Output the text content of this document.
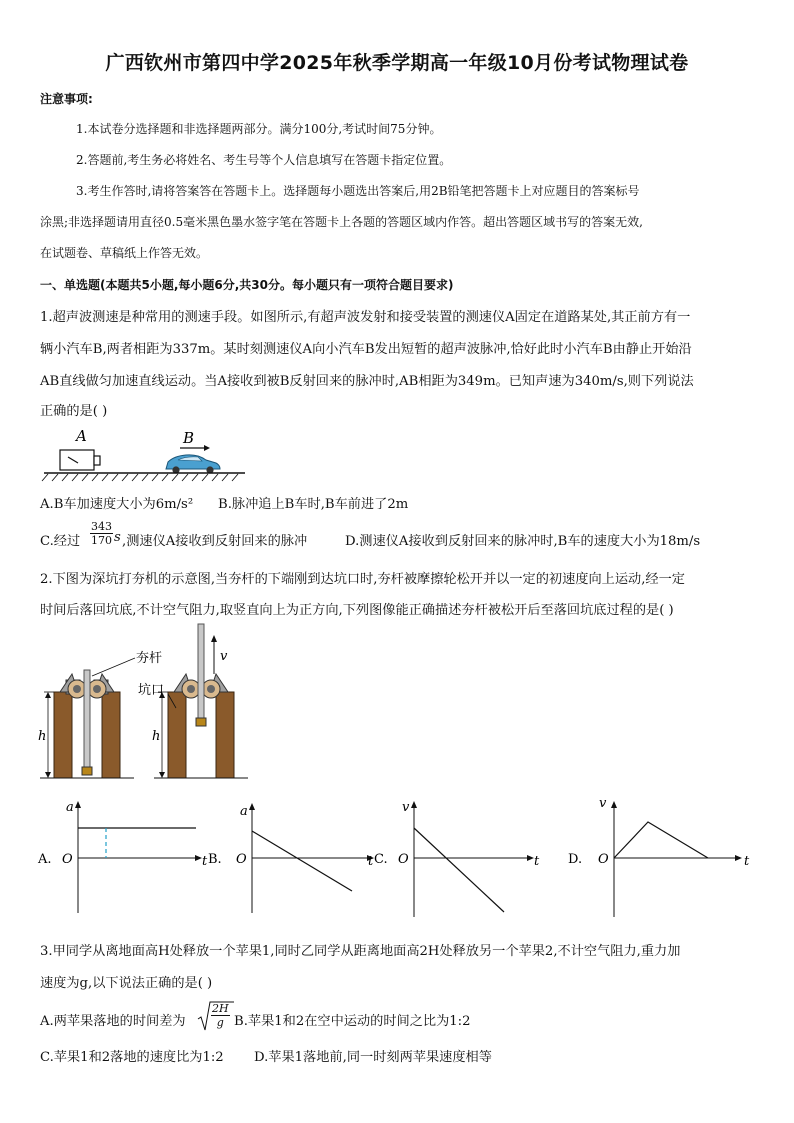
广西钦州市第四中学2025年秋季学期高一年级10月份考试物理试卷
注意事项:
1.本试卷分选择题和非选择题两部分。满分100分,考试时间75分钟。
2.答题前,考生务必将姓名、考生号等个人信息填写在答题卡指定位置。
3.考生作答时,请将答案答在答题卡上。选择题每小题选出答案后,用2B铅笔把答题卡上对应题目的答案标号
涂黑;非选择题请用直径0.5毫米黑色墨水签字笔在答题卡上各题的答题区域内作答。超出答题区域书写的答案无效,
在试题卷、草稿纸上作答无效。
一、单选题(本题共5小题,每小题6分,共30分。每小题只有一项符合题目要求)
1.超声波测速是种常用的测速手段。如图所示,有超声波发射和接受装置的测速仪A固定在道路某处,其正前方有一
辆小汽车B,两者相距为337m。某时刻测速仪A向小汽车B发出短暂的超声波脉冲,恰好此时小汽车B由静止开始沿
AB直线做匀加速直线运动。当A接收到被B反射回来的脉冲时,AB相距为349m。已知声速为340m/s,则下列说法
正确的是( )
A	B
A.B车加速度大小为6m/s² B.脉冲追上B车时,B车前进了2m
C.经过 $\frac{343}{170}$ s ,测速仪A接收到反射回来的脉冲	D.测速仪A接收到反射回来的脉冲时,B车的速度大小为18m/s
2.下图为深坑打夯机的示意图,当夯杆的下端刚到达坑口时,夯杆被摩擦轮松开并以一定的初速度向上运动,经一定
时间后落回坑底,不计空气阻力,取竖直向上为正方向,下列图像能正确描述夯杆被松开后至落回坑底过程的是( )
h	h
v
夯杆
坑口
A.
a
O	t B.
a
O	t C.
v
O	t D.
v
O	t
3.甲同学从离地面高H处释放一个苹果1,同时乙同学从距离地面高2H处释放另一个苹果2,不计空气阻力,重力加
速度为g,以下说法正确的是( )
A.两苹果落地的时间差为 $\frac{2H}{g} B$.苹果1和2在空中运动的时间之比为1:2
C.苹果1和2落地的速度比为1:2 D.苹果1落地前,同一时刻两苹果速度相等
